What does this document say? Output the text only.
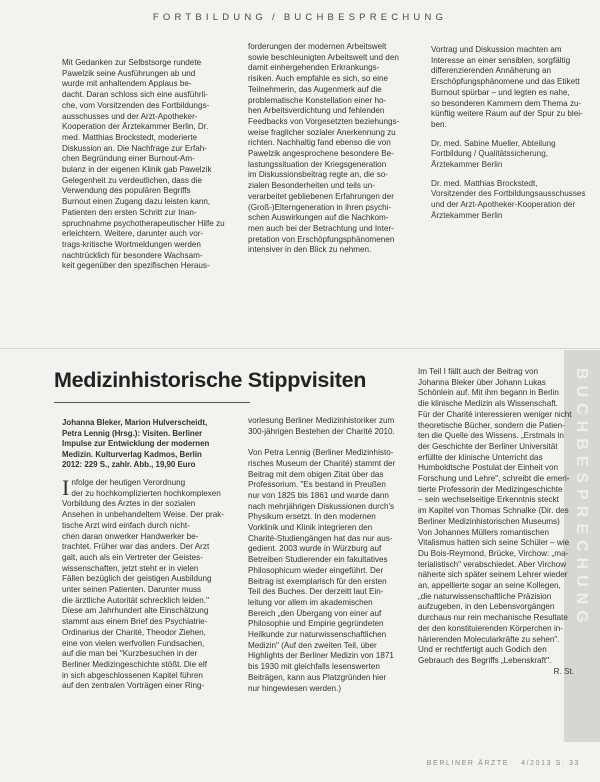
FORTBILDUNG / BUCHBESPRECHUNG

Mit Gedanken zur Selbstsorge rundete

Pawelzik seine Ausführungen ab und

wurde mit anhaltendem Applaus be-

dacht. Daran schloss sich eine ausführli-

che, vom Vorsitzenden des Fortbildungs-

ausschusses und der Arzt-Apotheker-

Kooperation der Ärztekammer Berlin, Dr.

med. Matthias Brockstedt, moderierte

Diskussion an. Die Nachfrage zur Erfah-

chen Begründung einer Burnout-Am-

bulanz in der eigenen Klinik gab Pawelzik

Gelegenheit zu verdeutlichen, dass die

Verwendung des populären Begriffs

Burnout einen Zugang dazu leisten kann,

Patienten den ersten Schritt zur Inan-

spruchnahme psychotherapeutischer Hilfe zu

erleichtern. Weitere, darunter auch vor-

trags-kritische Wortmeldungen werden

nachtrücklich für besondere Wachsam-

keit gegenüber den spezifischen Heraus-

forderungen der modernen Arbeitswelt

sowie beschleunigten Arbeitswelt und den

damit einhergehenden Erkrankungs-

risiken. Auch empfahle es sich, so eine

Teilnehmerin, das Augenmerk auf die

problematische Konstellation einer ho-

hen Arbeitsverdichtung und fehlenden

Feedbacks von Vorgesetzten beziehungs-

weise fraglicher sozialer Anerkennung zu

richten. Nachhaltig fand ebenso die von

Pawelzik angesprochene besondere Be-

lastungssituation der Kriegsgeneration

im Diskussionsbeitrag regte an, die so-

zialen Besonderheiten und teils un-

verarbeitet gebliebenen Erfahrungen der

(Groß-)Elterngeneration in ihren psychi-

schen Auswirkungen auf die Nachkom-

men auch bei der Betrachtung und Inter-

pretation von Erschöpfungsphänomenen

intensiver in den Blick zu nehmen.

Vortrag und Diskussion machten am

Interesse an einer sensiblen, sorgfältig

differenzierenden Annäherung an

Erschöpfungsphänomene und das Etikett

Burnout spürbar – und legten es nahe,

so besonderen Kammern dem Thema zu-

künftig weitere Raum auf der Spur zu blei-

ben.

Dr. med. Sabine Mueller, Abteilung

Fortbildung / Qualitätssicherung,

Ärztekammer Berlin

Dr. med. Matthias Brockstedt,

Vorsitzender des Fortbildungsausschusses

und der Arzt-Apotheker-Kooperation der

Ärztekammer Berlin

BUCHBESPRECHUNG
Medizinhistorische Stippvisiten

Johanna Bleker, Marion Hulverscheidt,

Petra Lennig (Hrsg.): Visiten. Berliner

Impulse zur Entwicklung der modernen

Medizin. Kulturverlag Kadmos, Berlin

2012: 229 S., zahlr. Abb., 19,90 Euro

I nfolge der heutigen Verordnung

der zu hochkomplizierten hochkomplexen

Vorbildung des Arztes in der sozialen

Ansehen in unbehandeltem Weise. Der prak-

tische Arzt wird einfach durch nicht-

chen daran onwerker Handwerker be-

trachtet. Früher war das anders. Der Arzt

galt, auch als ein Vertreter der Geistes-

wissenschaften, jetzt steht er in vielen

Fällen bezüglich der geistigen Ausbildung

unter seinen Patienten. Darunter muss

die ärztliche Autorität schrecklich leiden."

Diese am Jahrhundert alte Einschätzung

stammt aus einem Brief des Psychiatrie-

Ordinarius der Charité, Theodor Ziehen,

eine von vielen werfvollen Fundsachen,

auf die man bei "Kurzbesuchen in der

Berliner Medizingeschichte stößt. Die elf

in sich abgeschlossenen Kapitel führen

auf den zentralen Vorträgen einer Ring-

vorlesung Berliner Medizinhistoriker zum

300-jährigen Bestehen der Charité 2010.

Von Petra Lennig (Berliner Medizinhisto-

risches Museum der Charité) stammt der

Beitrag mit dem obigen Zitat über das

Professorium. "Es bestand in Preußen

nur von 1825 bis 1861 und wurde dann

nach mehrjährigen Diskussionen durch's

Physikum ersetzt. In den modernen

Vorklinik und Klinik integrieren den

Charité-Studiengängen hat das nur aus-

gedient. 2003 wurde in Würzburg auf

Betreiben Studierender ein fakultatives

Philosophicum wieder eingeführt. Der

Beitrag ist exemplarisch für den ersten

Teil des Buches. Der derzeitt laut Ein-

leitung vor allem im akademischen

Bereich „den Übergang von einer auf

Philosophie und Empirie gegründeten

Heilkunde zur naturwissenschaftlichen

Medizin" (Auf den zweiten Teil, über

Highlights der Berliner Medizin von 1871

bis 1930 mit gleichfalls lesenswerten

Beiträgen, kann aus Platzgründen hier

nur hingewiesen werden.)

Im Teil I fällt auch der Beitrag von

Johanna Bleker über Johann Lukas

Schönlein auf. Mit ihm begann in Berlin

die klinische Medizin als Wissenschaft.

Für der Charité interessieren weniger nicht

theoretische Bücher, sondern die Patien-

ten die Quelle des Wissens. „Erstmals in

der Geschichte der Berliner Universität

erfüllte der klinische Unterricht das

Humboldtsche Postulat der Einheit von

Forschung und Lehre", schreibt die emeri-

tierte Professorin der Medizingeschichte

– sein wechselseitige Erkenntnis steckt

im Kapitel von Thomas Schnalke (Dir. des

Berliner Medizinhistorischen Museums)

Von Johannes Müllers romantischen

Vitalismus hatten sich seine Schüler – wie

Du Bois-Reymond, Brücke, Virchow: „ma-

terialistisch" verabschiedet. Aber Virchow

näherte sich später seinem Lehrer wieder

an, appellierte sogar an seine Kollegen,

„die naturwissenschaftliche Präzision

aufzugeben, in den Lebensvorgängen

durchaus nur rein mechanische Resultate

der den konstituierenden Körperchen in-

härierenden Molecularkräfte zu sehen".

Und er rechtfertigt auch Godich den

Gebrauch des Begriffs „Lebenskraft".

R. St.

BERLINER ÄRZTE 4/2013 S. 33
